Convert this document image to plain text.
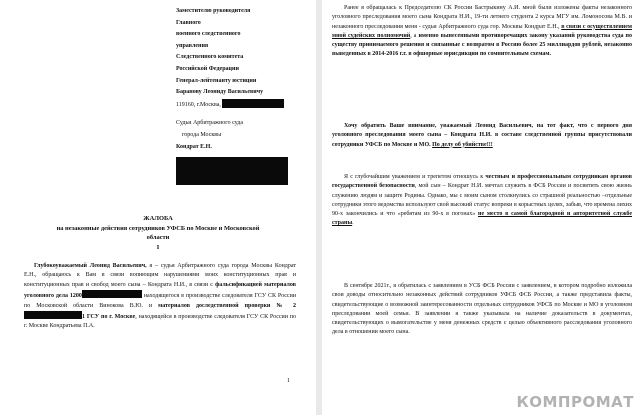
Заместителю руководителя
Главного
военного следственного
управления
Следственного комитета
Российской Федерации
Генерал-лейтенанту юстиции
Баранову Леониду Васильевичу
119160, г.Москва,
Судьи Арбитражного суда
города Москвы
Кондрат Е.Н.
ЖАЛОБА
на незаконные действия сотрудников УФСБ по Москве и Московской
области
I
Глубокоуважаемый Леонид Васильевич, я – судья Арбитражного суда города Москвы Кондрат Е.Н., обращаюсь к Вам в связи вопиющим нарушениями моих конституционных прав и конституционных прав и свобод моего сына – Кондрата Н.И., в связи с фальсификацией материалов уголовного дела 1200	находящегося в производстве следователя ГСУ СК России по Московской области Винокова В.Ю. и материалов доследственной проверки № 21 ГСУ по г. Москве, находящейся в производстве следователя ГСУ СК России по г. Москве Кондратьева П.А.
1
Ранее я обращалась к Председателю СК России Бастрыкину А.И. мной были изложены факты незаконного уголовного преследования моего сына Кондрата Н.И., 19-ти летнего студента 2 курса МГУ им. Ломоносова М.В. и незаконного преследования меня - судьи Арбитражного суда гор. Москвы Кондрат Е.Н., в связи с осуществлением мной судейских полномочий, а именно вынесенными противоречащих закону указаний руководства суда по существу принимаемого решения и связанные с возвратом в Россию более 25 миллиардов рублей, незаконно выведенных в 2014-2016 г.г. в офшорные юрисдикции по сомнительным схемам.
Хочу обратить Ваше внимание, уважаемый Леонид Васильевич, на тот факт, что с первого дня уголовного преследования моего сына – Кондрата Н.И. в составе следственной группы присутствовали сотрудники УФСБ по Москве и МО. По делу об убийстве!!!
Я с глубочайшим уважением и трепетом отношусь к честным и профессиональным сотрудникам органов государственной безопасности, мой сын – Кондрат Н.И. мечтал служить в ФСБ России и посвятить свою жизнь служению людям и защите Родины. Однако, мы с моим сыном столкнулись со страшной реальностью –отдельные сотрудники этого ведомства используют свой высокий статус вопреки в корыстных целях, забыв, что времена лихих 90-х закончились и что «ребятам из 90-х в погонах» не место в самой благородной и авторитетной службе страны.
В сентябре 2021г., я обратилась с заявлением в УСБ ФСБ России с заявлением, в котором подробно изложила свои доводы относительно незаконных действий сотрудников УФСБ ФСБ России, а также представила факты, свидетельствующие о возможной заинтересованности отдельных сотрудников УФСБ по Москве и МО в уголовном преследовании моей семьи. В заявлении я также указывала на наличие доказательств в документах, свидетельствующих о вымогательстве у меня денежных средств с целью объективного расследования уголовного дела в отношении моего сына.
КОМПРОМАТ
